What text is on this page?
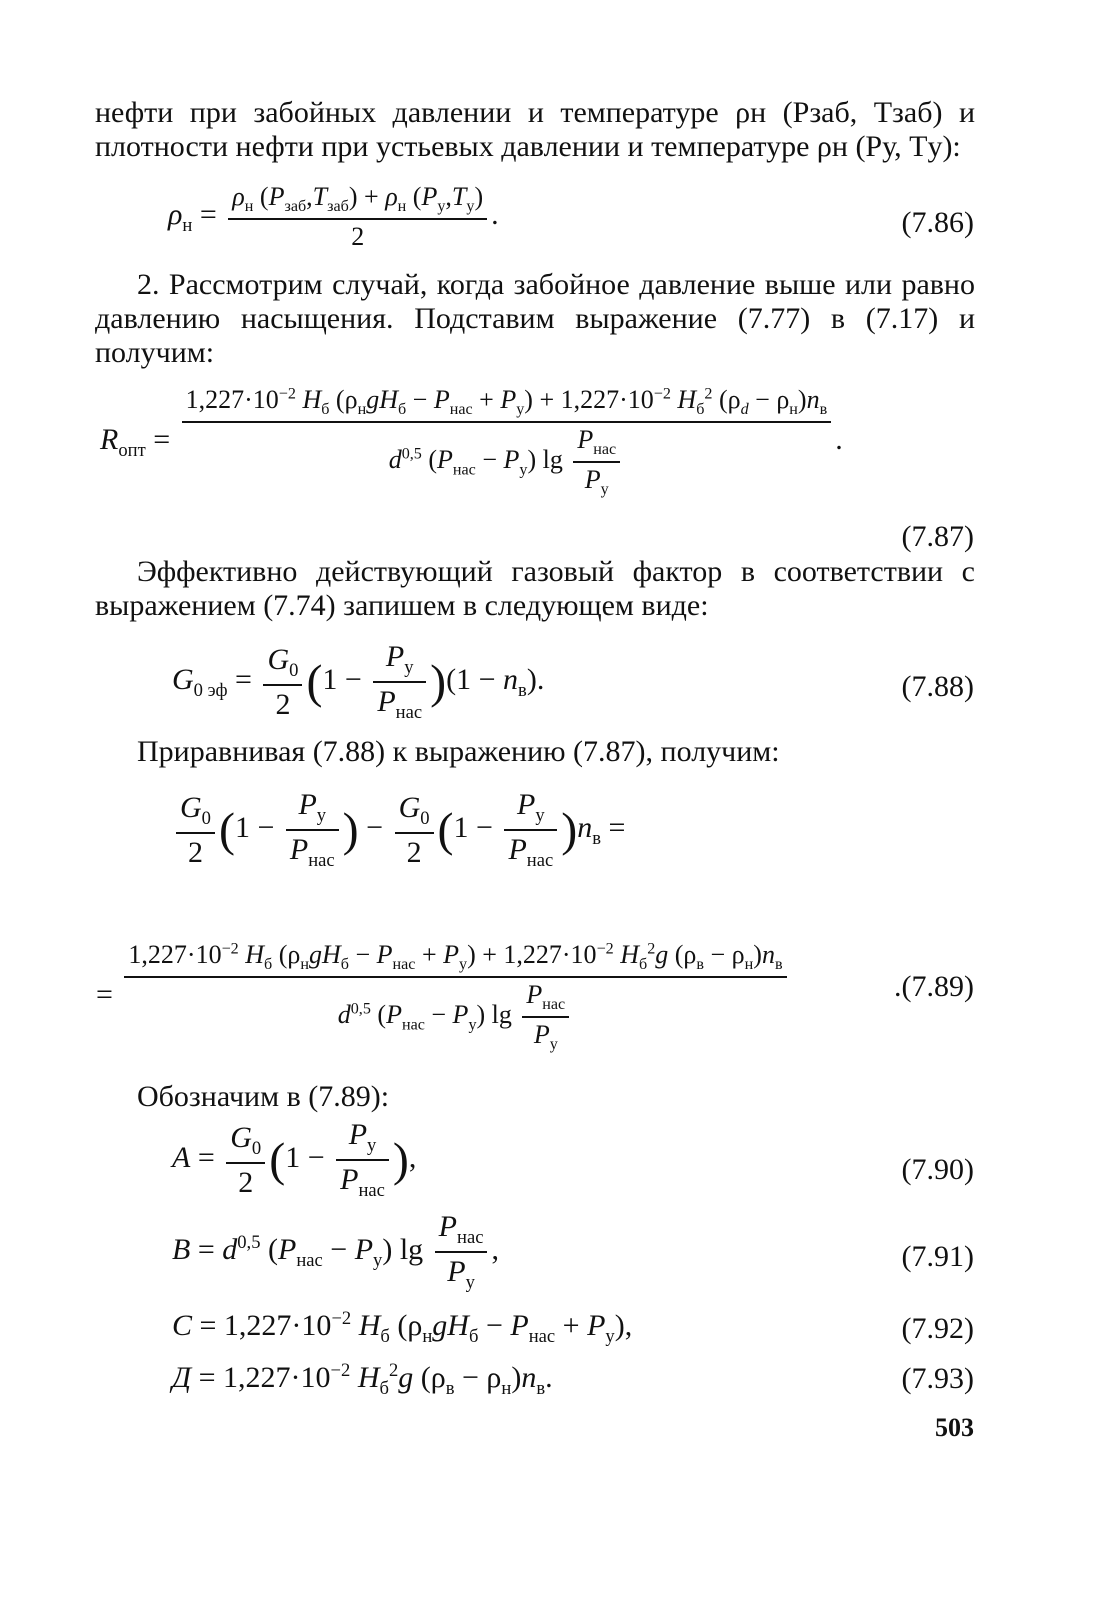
нефти при забойных давлении и температуре ρн (Pзаб, Tзаб) и плотности нефти при устьевых давлении и температуре ρн (Pу, Tу):

$\rho_н = \frac{\rho_н (P_{заб},T_{заб}) + \rho_н (P_у,T_у)}{2}$ .	(7.86)

2. Рассмотрим случай, когда забойное давление выше или равно давлению насыщения. Подставим выражение (7.77) в (7.17) и получим:

$R_{опт}$ =
$1,227\cdot 10^{-2}$ $H_б$ $(\rho_нgH_б - P_{нас} + P_у) + 1,227\cdot 10^{-2}$ $H_б^2$ $(\rho_d - \rho_н)n_в$
$d^{0,5}$ $(P_{нас} - P_у)$ $\lg \frac{P_{нас}}{P_у}$	.
(7.87)

Эффективно действующий газовый фактор в соответствии с выражением (7.74) запишем в следующем виде:

$G_{0 эф} = \frac{G_0}{2} (1 - \frac{P_у}{P_{нас}} )(1 - n_в)$.	(7.88)

Приравнивая (7.88) к выражению (7.87), получим:

$\frac{G_0}{2} (1 - \frac{P_у}{P_{нас}}$ ) − $\frac{G_0}{2} (1 - \frac{P_у}{P_{нас}} )n_в$ =
=
$1,227\cdot 10^{-2}$ $H_б$ $(\rho_нgH_б - P_{нас} + P_у) + 1,227\cdot 10^{-2}$ $H_б^2g$ $(\rho_в - \rho_н)n_в$
$d^{0,5}$ $(P_{нас} - P_у)$ $\lg \frac{P_{нас}}{P_у}$	.(7.89)

Обозначим в (7.89):

$A = \frac{G_0}{2} (1 - \frac{P_у}{P_{нас}}$ ),	(7.90)
$B = d^{0,5}$ $(P_{нас} - P_у)$ $\lg \frac{P_{нас}}{P_у}$ ,	(7.91)
$C = 1,227\cdot 10^{-2}$ $H_б$ $(\rho_нgH_б - P_{нас} + P_у)$,	(7.92)
$Д = 1,227\cdot 10^{-2}$ $H_б^2g$ $(\rho_в - \rho_н)n_в$.	(7.93)
503
